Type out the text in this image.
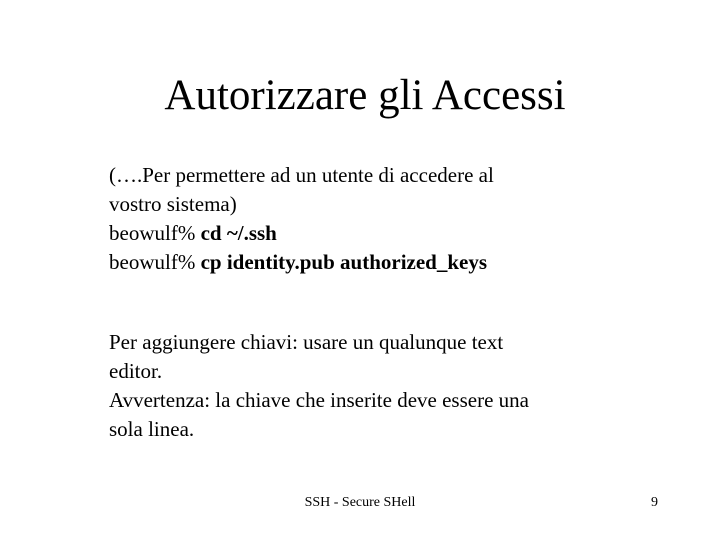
Autorizzare gli Accessi
(….Per permettere ad un utente di accedere al
vostro sistema)
beowulf% cd ~/.ssh
beowulf% cp identity.pub authorized_keys
Per aggiungere chiavi: usare un qualunque text
editor.
Avvertenza: la chiave che inserite deve essere una
sola linea.
SSH - Secure SHell	9
